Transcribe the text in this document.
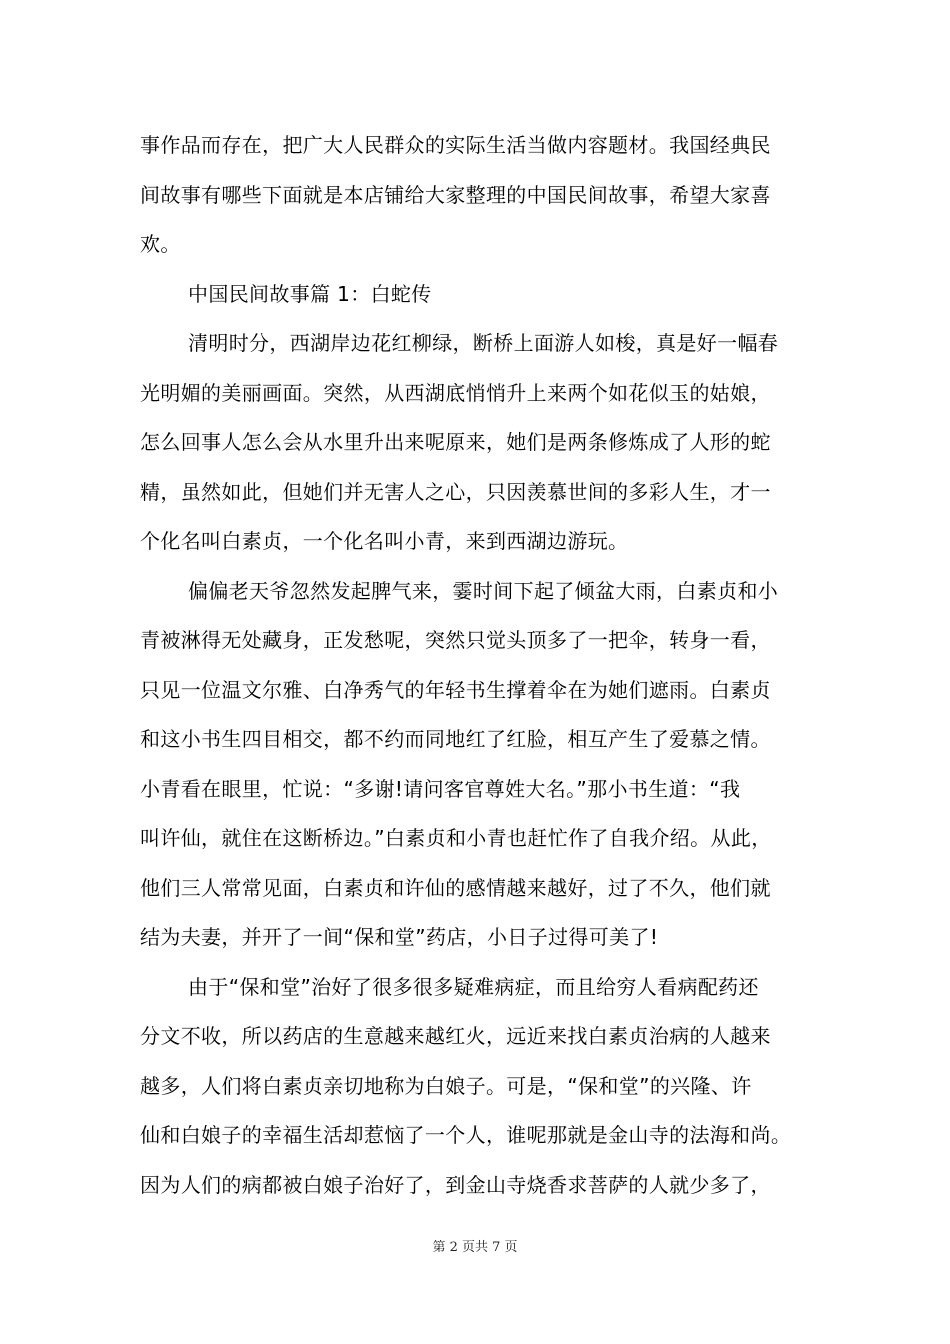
事作品而存在，把广大人民群众的实际生活当做内容题材。我国经典民
间故事有哪些下面就是本店铺给大家整理的中国民间故事，希望大家喜
欢。
中国民间故事篇 1：白蛇传
清明时分，西湖岸边花红柳绿，断桥上面游人如梭，真是好一幅春
光明媚的美丽画面。突然，从西湖底悄悄升上来两个如花似玉的姑娘，
怎么回事人怎么会从水里升出来呢原来，她们是两条修炼成了人形的蛇
精，虽然如此，但她们并无害人之心，只因羡慕世间的多彩人生，才一
个化名叫白素贞，一个化名叫小青，来到西湖边游玩。
偏偏老天爷忽然发起脾气来，霎时间下起了倾盆大雨，白素贞和小
青被淋得无处藏身，正发愁呢，突然只觉头顶多了一把伞，转身一看，
只见一位温文尔雅、白净秀气的年轻书生撑着伞在为她们遮雨。白素贞
和这小书生四目相交，都不约而同地红了红脸，相互产生了爱慕之情。
小青看在眼里，忙说：“多谢!请问客官尊姓大名。”那小书生道：“我
叫许仙，就住在这断桥边。”白素贞和小青也赶忙作了自我介绍。从此，
他们三人常常见面，白素贞和许仙的感情越来越好，过了不久，他们就
结为夫妻，并开了一间“保和堂”药店，小日子过得可美了!
由于“保和堂”治好了很多很多疑难病症，而且给穷人看病配药还
分文不收，所以药店的生意越来越红火，远近来找白素贞治病的人越来
越多，人们将白素贞亲切地称为白娘子。可是，“保和堂”的兴隆、许
仙和白娘子的幸福生活却惹恼了一个人，谁呢那就是金山寺的法海和尚。
因为人们的病都被白娘子治好了，到金山寺烧香求菩萨的人就少多了，
第 2 页共 7 页
